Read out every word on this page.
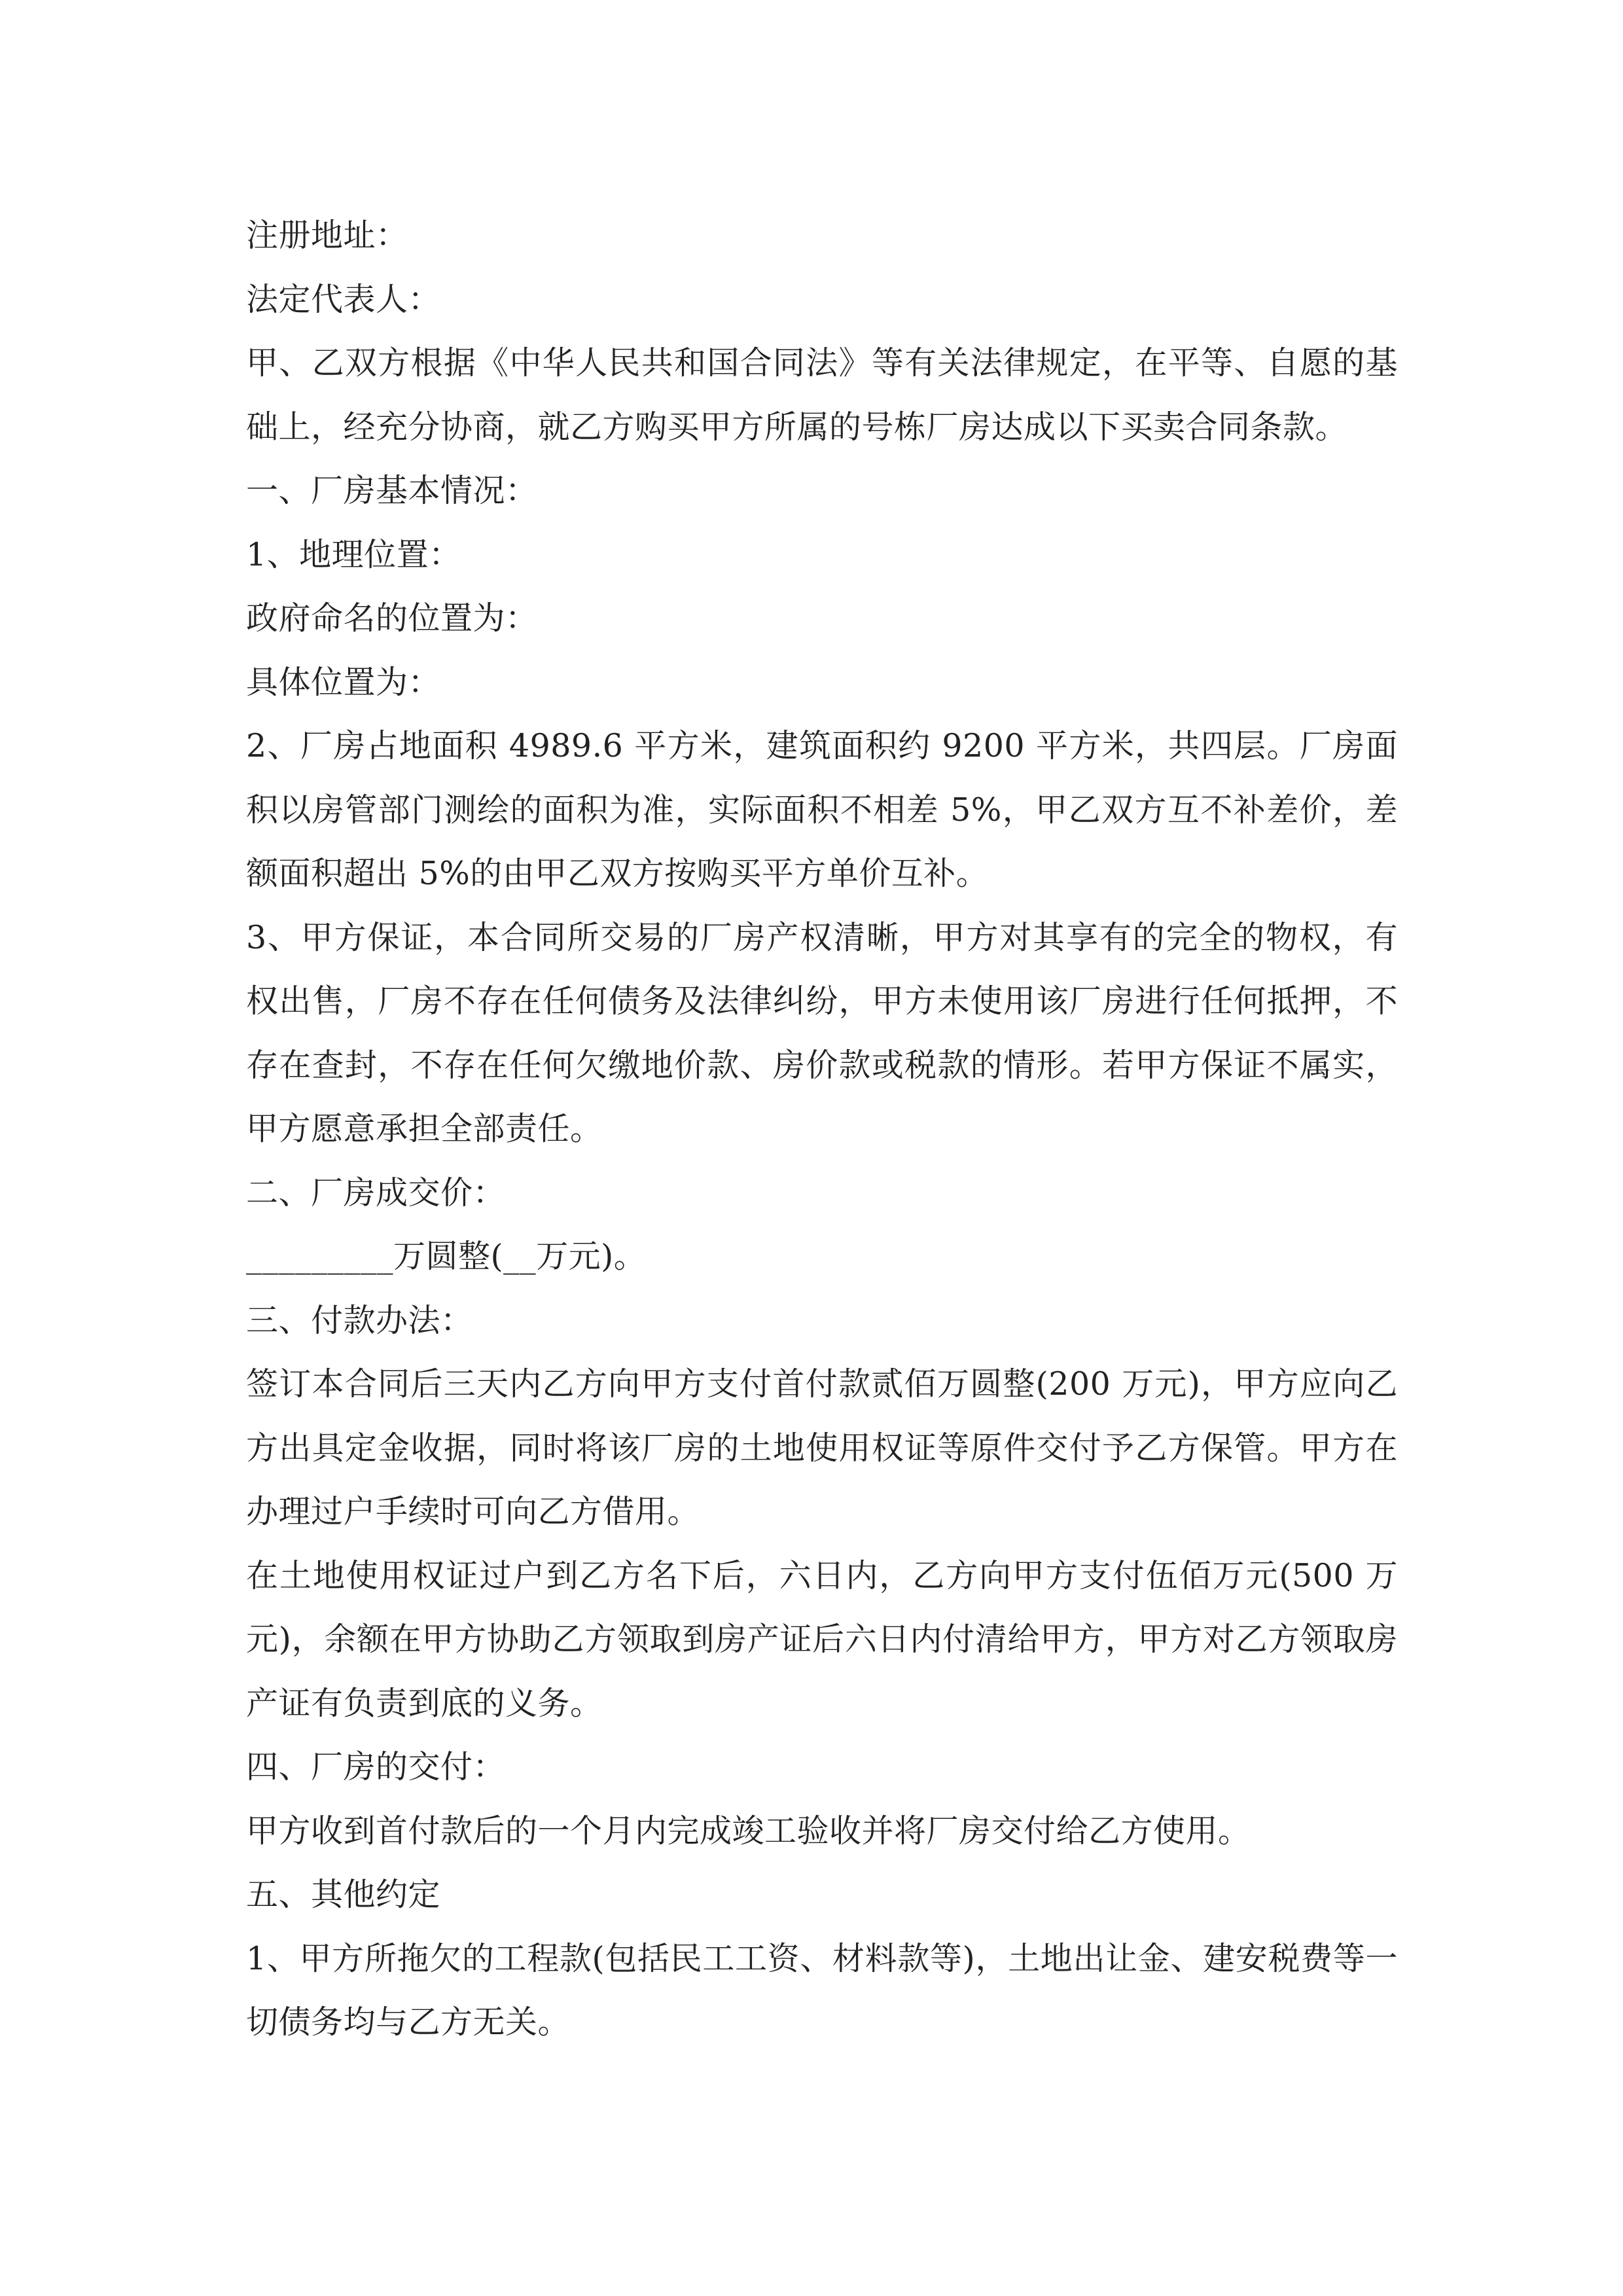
注册地址：

法定代表人：

甲、乙双方根据《中华人民共和国合同法》等有关法律规定，在平等、自愿的基础上，经充分协商，就乙方购买甲方所属的号栋厂房达成以下买卖合同条款。

一、厂房基本情况：

1、地理位置：

政府命名的位置为：

具体位置为：

2、厂房占地面积 4989.6 平方米，建筑面积约 9200 平方米，共四层。厂房面积以房管部门测绘的面积为准，实际面积不相差 5%，甲乙双方互不补差价，差额面积超出 5%的由甲乙双方按购买平方单价互补。

3、甲方保证，本合同所交易的厂房产权清晰，甲方对其享有的完全的物权，有权出售，厂房不存在任何债务及法律纠纷，甲方未使用该厂房进行任何抵押，不存在查封，不存在任何欠缴地价款、房价款或税款的情形。若甲方保证不属实，甲方愿意承担全部责任。

二、厂房成交价：

_________万圆整(__万元)。

三、付款办法：

签订本合同后三天内乙方向甲方支付首付款贰佰万圆整(200 万元)，甲方应向乙方出具定金收据，同时将该厂房的土地使用权证等原件交付予乙方保管。甲方在办理过户手续时可向乙方借用。

在土地使用权证过户到乙方名下后，六日内，乙方向甲方支付伍佰万元(500 万元)，余额在甲方协助乙方领取到房产证后六日内付清给甲方，甲方对乙方领取房产证有负责到底的义务。

四、厂房的交付：

甲方收到首付款后的一个月内完成竣工验收并将厂房交付给乙方使用。

五、其他约定

1、甲方所拖欠的工程款(包括民工工资、材料款等)，土地出让金、建安税费等一切债务均与乙方无关。
